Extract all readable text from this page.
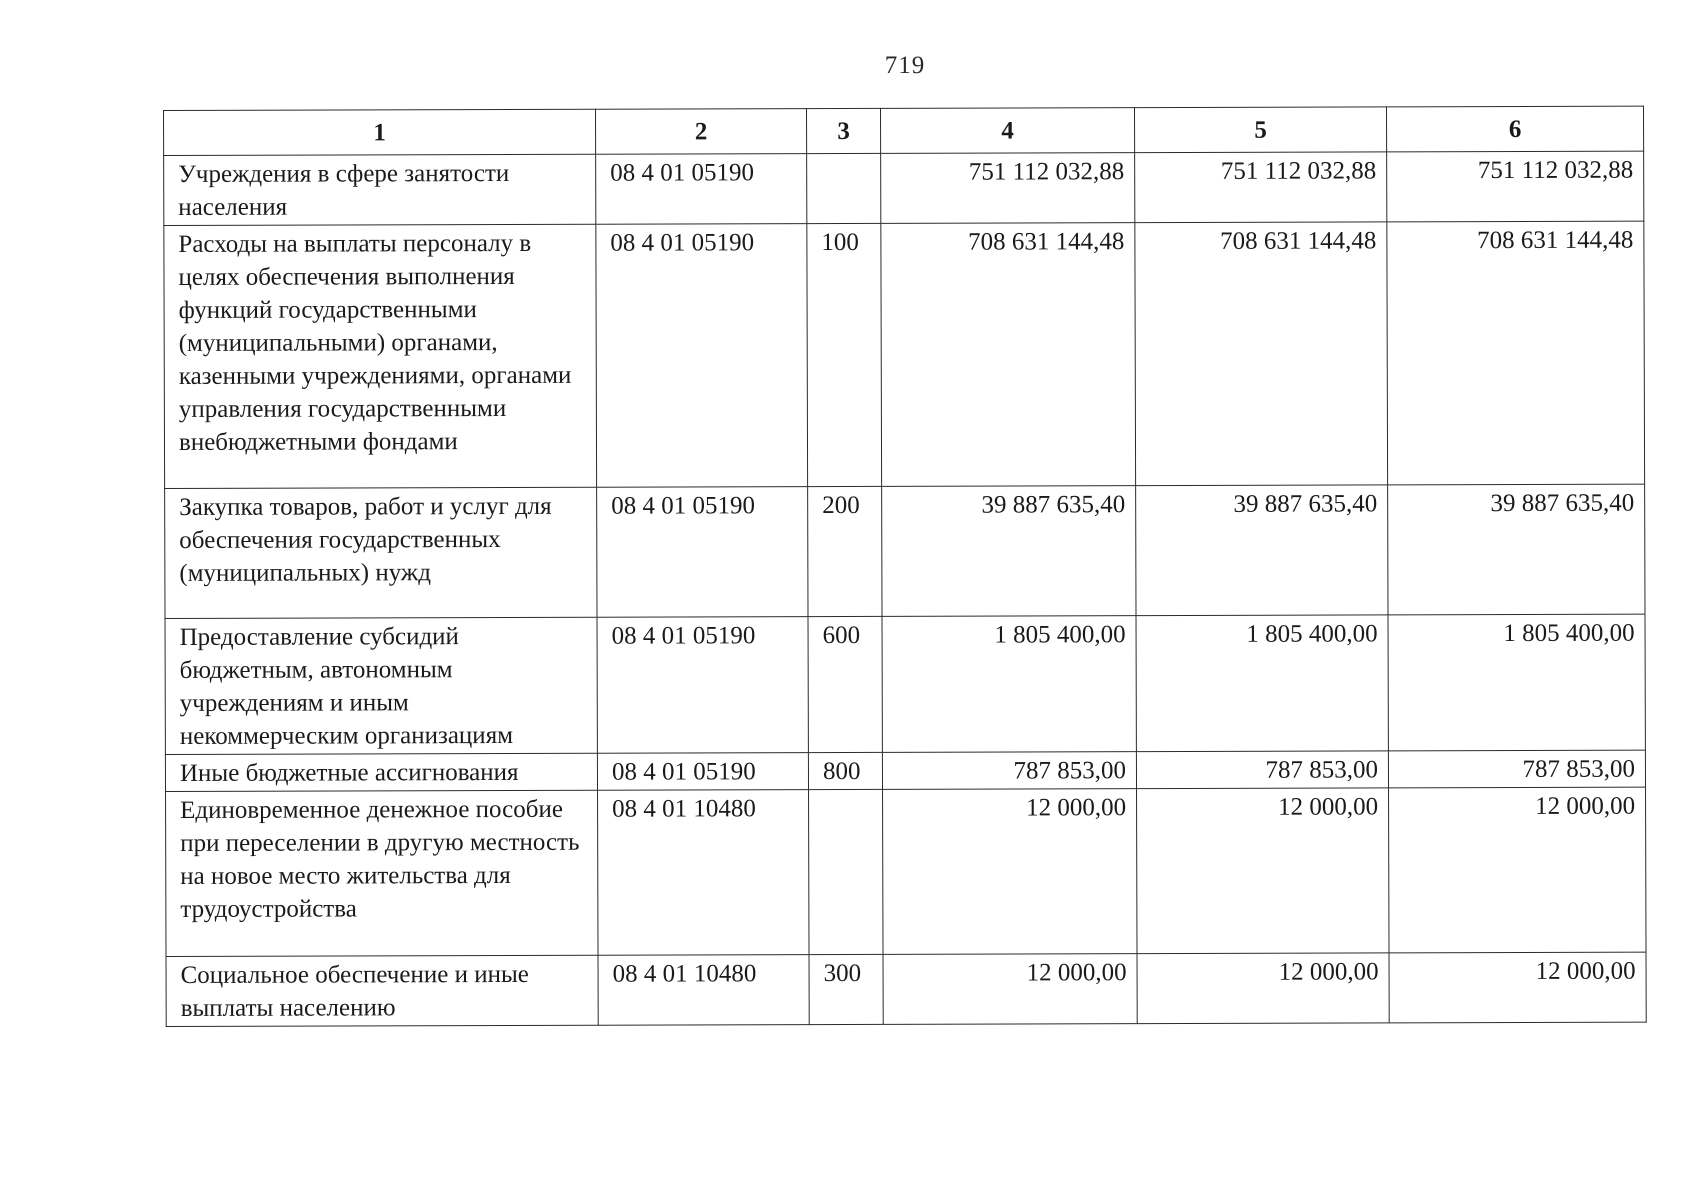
719
1	2	3	4	5	6
Учреждения в сфере занятости населения	08 4 01 05190		751 112 032,88	751 112 032,88	751 112 032,88
Расходы на выплаты персоналу в целях обеспечения выполнения функций государственными (муниципальными) органами, казенными учреждениями, органами управления государственными внебюджетными фондами	08 4 01 05190	100	708 631 144,48	708 631 144,48	708 631 144,48
Закупка товаров, работ и услуг для обеспечения государственных (муниципальных) нужд	08 4 01 05190	200	39 887 635,40	39 887 635,40	39 887 635,40
Предоставление субсидий бюджетным, автономным учреждениям и иным некоммерческим организациям	08 4 01 05190	600	1 805 400,00	1 805 400,00	1 805 400,00
Иные бюджетные ассигнования	08 4 01 05190	800	787 853,00	787 853,00	787 853,00
Единовременное денежное пособие при переселении в другую местность на новое место жительства для трудоустройства	08 4 01 10480		12 000,00	12 000,00	12 000,00
Социальное обеспечение и иные выплаты населению	08 4 01 10480	300	12 000,00	12 000,00	12 000,00
